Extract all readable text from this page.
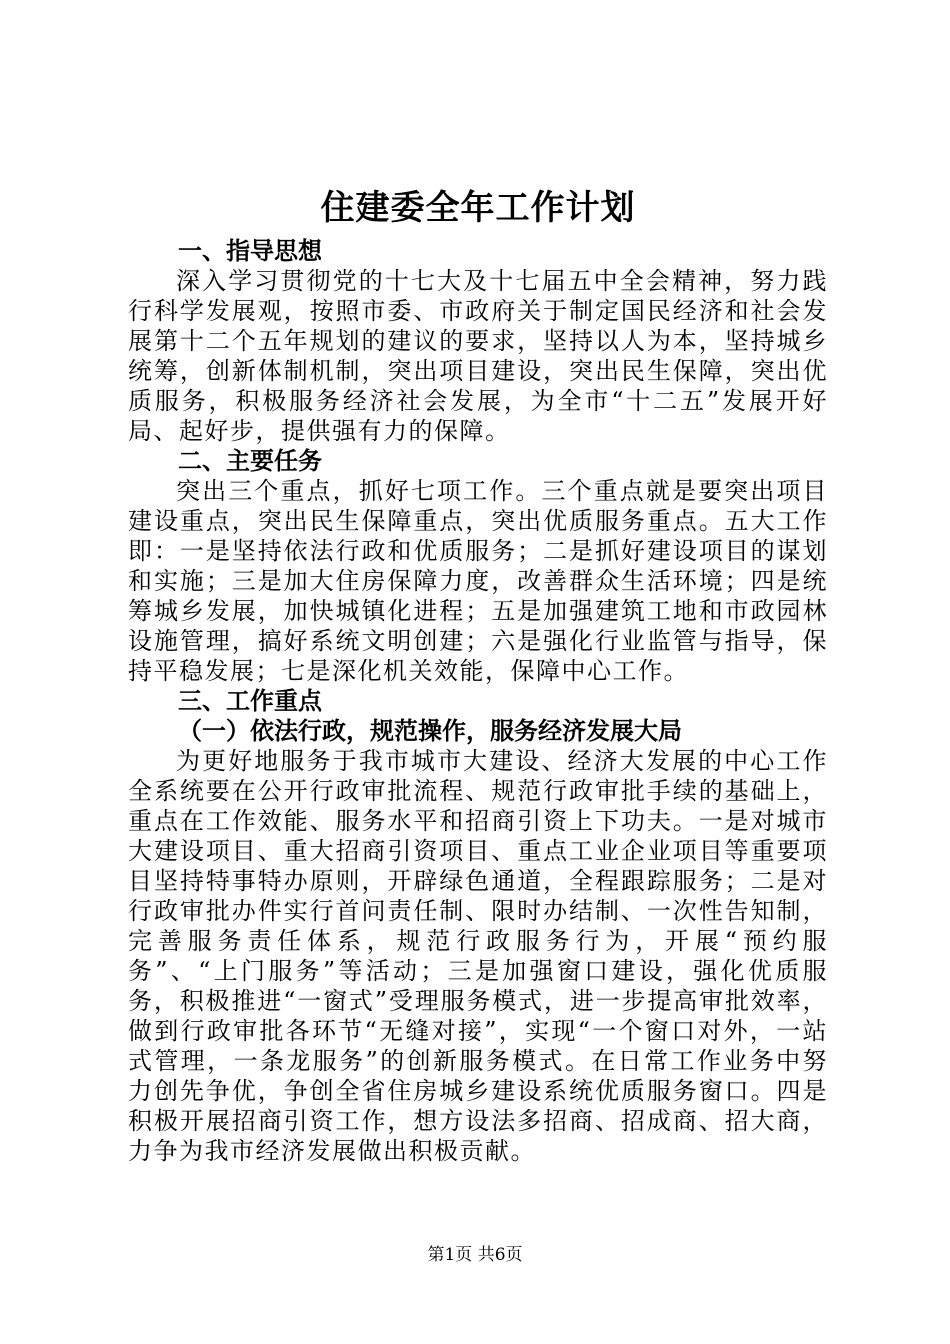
住建委全年工作计划
一、指导思想

深入学习贯彻党的十七大及十七届五中全会精神，努力践行科学发展观，按照市委、市政府关于制定国民经济和社会发展第十二个五年规划的建议的要求，坚持以人为本，坚持城乡统筹，创新体制机制，突出项目建设，突出民生保障，突出优质服务，积极服务经济社会发展，为全市“十二五”发展开好局、起好步，提供强有力的保障。

二、主要任务

突出三个重点，抓好七项工作。三个重点就是要突出项目建设重点，突出民生保障重点，突出优质服务重点。五大工作即：一是坚持依法行政和优质服务；二是抓好建设项目的谋划和实施；三是加大住房保障力度，改善群众生活环境；四是统筹城乡发展，加快城镇化进程；五是加强建筑工地和市政园林设施管理，搞好系统文明创建；六是强化行业监管与指导，保持平稳发展；七是深化机关效能，保障中心工作。

三、工作重点
（一）依法行政，规范操作，服务经济发展大局

为更好地服务于我市城市大建设、经济大发展的中心工作全系统要在公开行政审批流程、规范行政审批手续的基础上，重点在工作效能、服务水平和招商引资上下功夫。一是对城市大建设项目、重大招商引资项目、重点工业企业项目等重要项目坚持特事特办原则，开辟绿色通道，全程跟踪服务；二是对行政审批办件实行首问责任制、限时办结制、一次性告知制，完善服务责任体系，规范行政服务行为，开展“预约服务”、“上门服务”等活动；三是加强窗口建设，强化优质服务，积极推进“一窗式”受理服务模式，进一步提高审批效率，做到行政审批各环节“无缝对接”，实现“一个窗口对外，一站式管理，一条龙服务”的创新服务模式。在日常工作业务中努力创先争优，争创全省住房城乡建设系统优质服务窗口。四是积极开展招商引资工作，想方设法多招商、招成商、招大商，力争为我市经济发展做出积极贡献。

第1页 共6页
